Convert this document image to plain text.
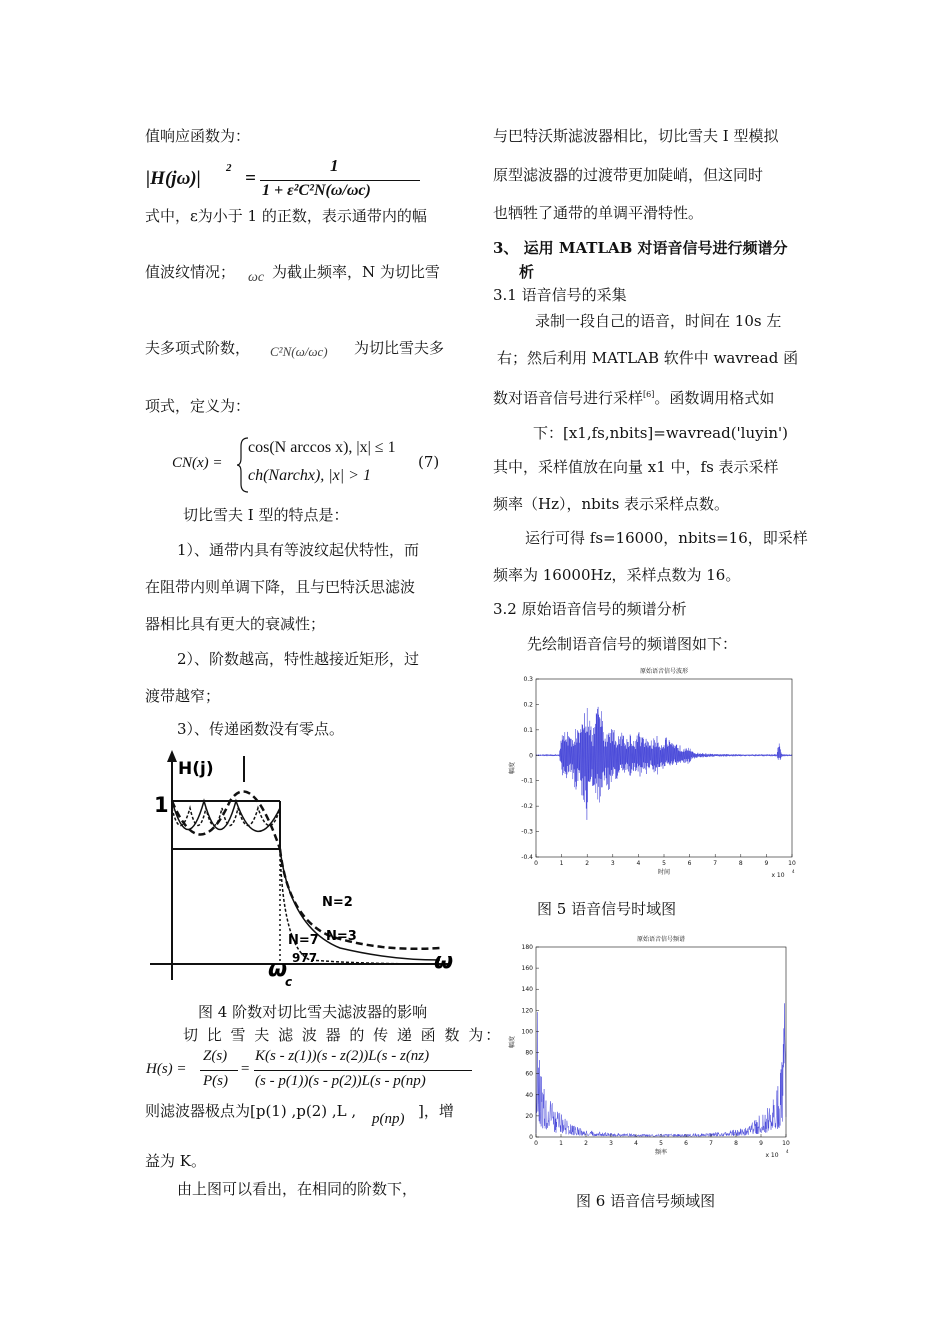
值响应函数为：
|H(jω)| 2 =
1
1 + ε²C²N(ω/ωc)
式中，ε为小于 1 的正数，表示通带内的幅
值波纹情况； ωc 为截止频率，N 为切比雪
夫多项式阶数， C²N(ω/ωc) 为切比雪夫多
项式，定义为：
CN(x) =
cos(N arccos x), |x| ≤ 1
ch(Narchx), |x| > 1
(7)
切比雪夫 I 型的特点是：
1）、通带内具有等波纹起伏特性，而
在阻带内则单调下降，且与巴特沃思滤波
器相比具有更大的衰减性；
2）、阶数越高，特性越接近矩形，过
渡带越窄；
3）、传递函数没有零点。
H(j)
1
N=2
N=3
N=7
977	ω
ω
c
图 4 阶数对切比雪夫滤波器的影响
切 比 雪 夫 滤 波 器 的 传 递 函 数 为：
H(s) =
Z(s)
P(s)
=
K(s - z(1))(s - z(2))L(s - z(nz)
(s - p(1))(s - p(2))L(s - p(np)
则滤波器极点为[p(1) ,p(2) ,L , p(np) ]，增
益为 K。
由上图可以看出，在相同的阶数下，
与巴特沃斯滤波器相比，切比雪夫 I 型模拟
原型滤波器的过渡带更加陡峭，但这同时
也牺牲了通带的单调平滑特性。
3、 运用 MATLAB 对语音信号进行频谱分
析
3.1 语音信号的采集
录制一段自己的语音，时间在 10s 左
右；然后利用 MATLAB 软件中 wavread 函
数对语音信号进行采样[6]。函数调用格式如
下：[x1,fs,nbits]=wavread('luyin')
其中，采样值放在向量 x1 中，fs 表示采样
频率（Hz），nbits 表示采样点数。
运行可得 fs=16000，nbits=16，即采样
频率为 16000Hz，采样点数为 16。
3.2 原始语音信号的频谱分析
先绘制语音信号的频谱图如下：
原始语音信号波形
0	1	2	3	4	5	6	7	8	9	10
0.3
0.2
0.1
0
-0.1
-0.2
-0.3
-0.4
时间
幅度
x 10
4
图 5 语音信号时域图
原始语音信号频谱
0	1	2	3	4	5	6	7	8	9	10
180
160
140
120
100
80
60
40
20
0
频率
幅度
x 10
4
图 6 语音信号频域图
